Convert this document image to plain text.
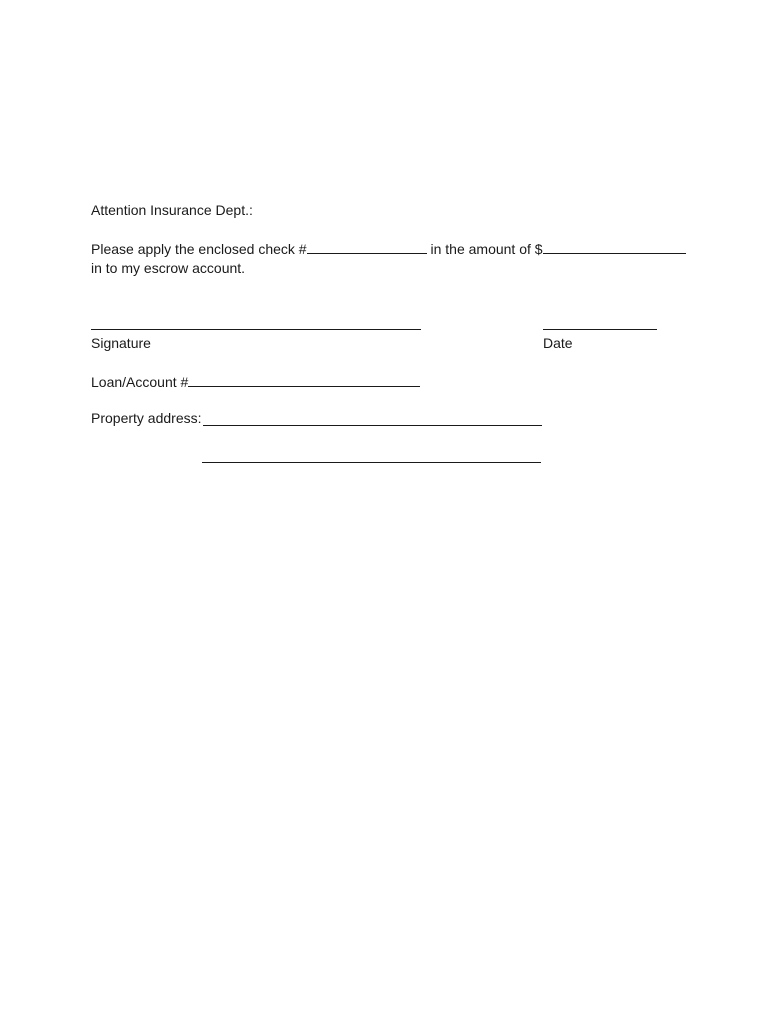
Attention Insurance Dept.:
Please apply the enclosed check #	in the amount of $
in to my escrow account.
Signature	Date
Loan/Account #
Property address:
